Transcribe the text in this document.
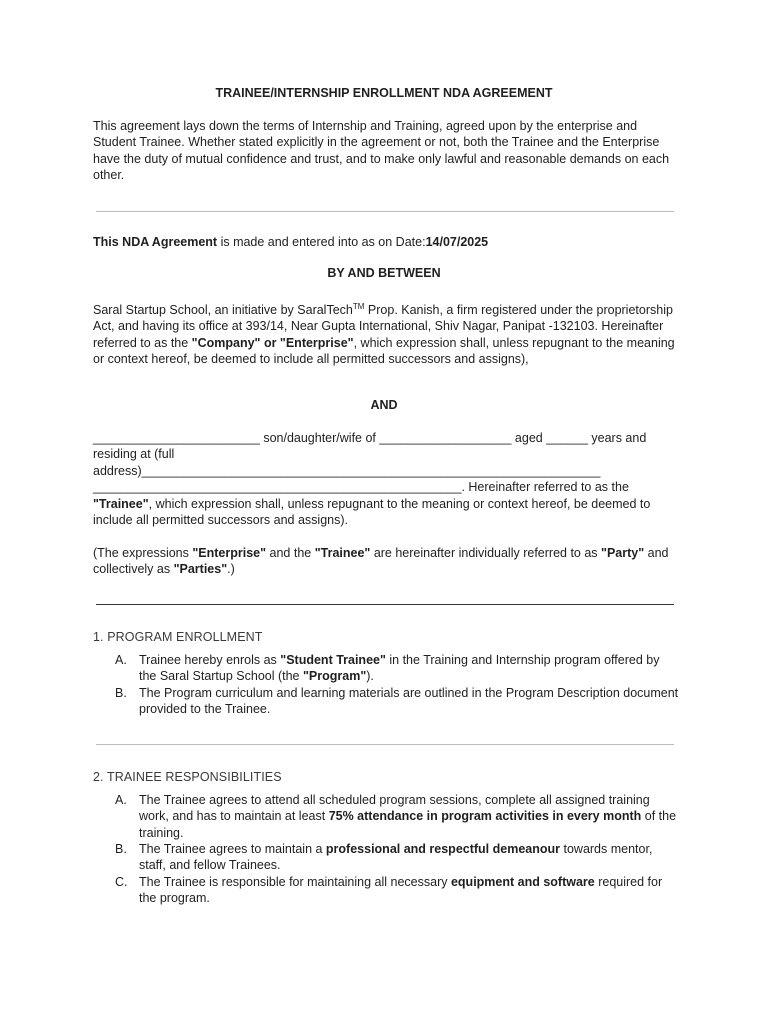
TRAINEE/INTERNSHIP ENROLLMENT NDA AGREEMENT
This agreement lays down the terms of Internship and Training, agreed upon by the enterprise and Student Trainee. Whether stated explicitly in the agreement or not, both the Trainee and the Enterprise have the duty of mutual confidence and trust, and to make only lawful and reasonable demands on each other.
This NDA Agreement is made and entered into as on Date:14/07/2025
BY AND BETWEEN
Saral Startup School, an initiative by SaralTech™ Prop. Kanish, a firm registered under the proprietorship Act, and having its office at 393/14, Near Gupta International, Shiv Nagar, Panipat -132103. Hereinafter referred to as the "Company" or "Enterprise", which expression shall, unless repugnant to the meaning or context hereof, be deemed to include all permitted successors and assigns),
AND
________________________ son/daughter/wife of ___________________ aged ______ years and
residing at (full
address)__________________________________________________________________
_____________________________________________________. Hereinafter referred to as the
"Trainee", which expression shall, unless repugnant to the meaning or context hereof, be deemed to include all permitted successors and assigns).
(The expressions "Enterprise" and the "Trainee" are hereinafter individually referred to as "Party" and collectively as "Parties".)
1. PROGRAM ENROLLMENT
A. Trainee hereby enrols as "Student Trainee" in the Training and Internship program offered by the Saral Startup School (the "Program").
B. The Program curriculum and learning materials are outlined in the Program Description document provided to the Trainee.
2. TRAINEE RESPONSIBILITIES
A. The Trainee agrees to attend all scheduled program sessions, complete all assigned training work, and has to maintain at least 75% attendance in program activities in every month of the training.
B. The Trainee agrees to maintain a professional and respectful demeanour towards mentor, staff, and fellow Trainees.
C. The Trainee is responsible for maintaining all necessary equipment and software required for the program.
